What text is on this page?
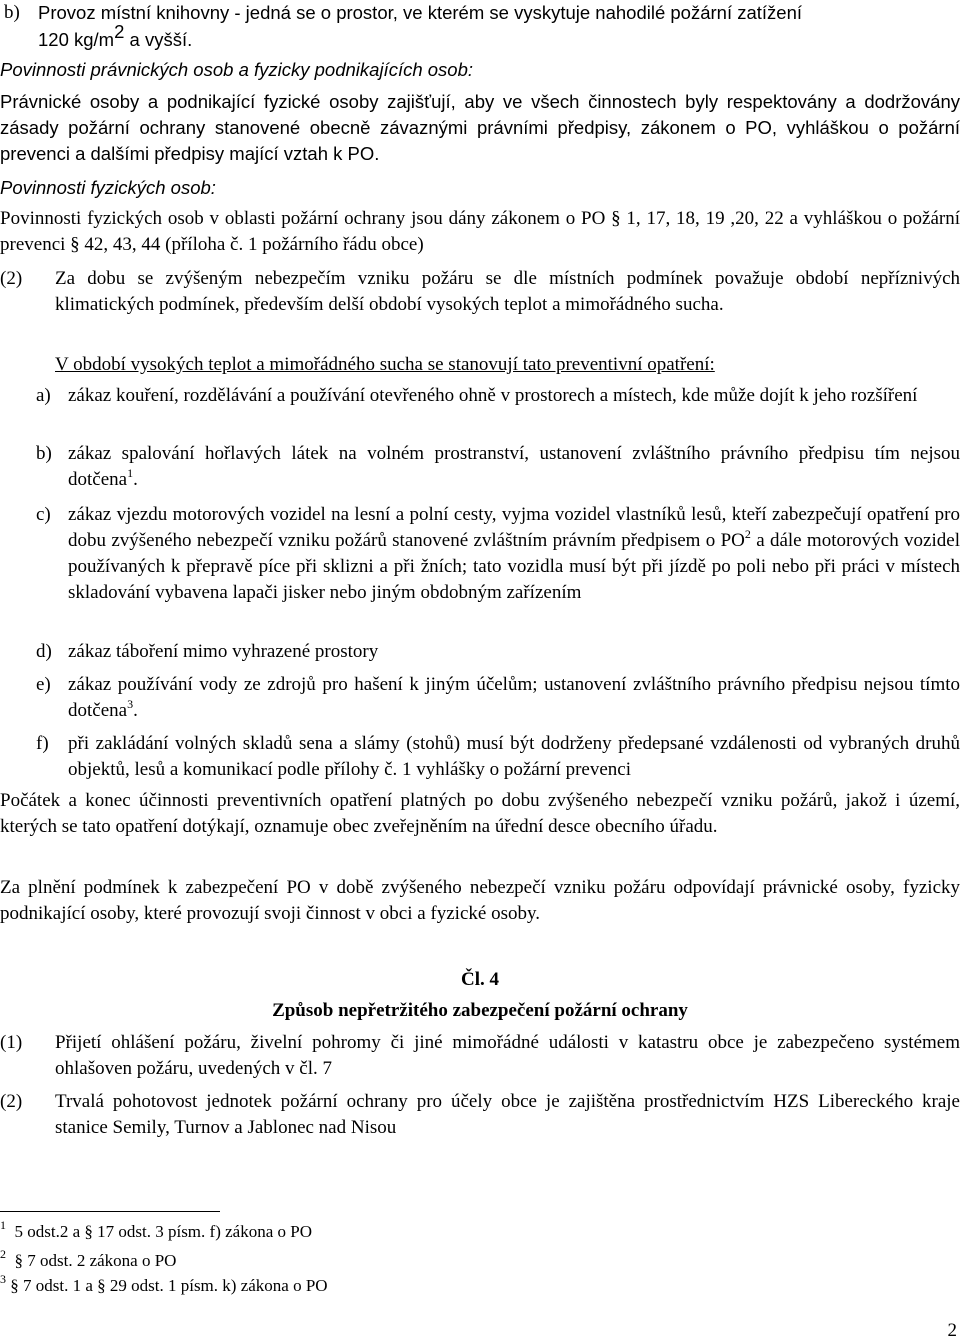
b) Provoz místní knihovny - jedná se o prostor, ve kterém se vyskytuje nahodilé požární zatížení
120 $kg/m^2$ a vyšší.
Povinnosti právnických osob a fyzicky podnikajících osob:

Právnické osoby a podnikající fyzické osoby zajišťují, aby ve všech činnostech byly respektovány a dodržovány zásady požární ochrany stanovené obecně závaznými právními předpisy, zákonem o PO, vyhláškou o požární prevenci a dalšími předpisy mající vztah k PO.

Povinnosti fyzických osob:

Povinnosti fyzických osob v oblasti požární ochrany jsou dány zákonem o PO § 1, 17, 18, 19 ,20, 22 a vyhláškou o požární prevenci § 42, 43, 44 (příloha č. 1 požárního řádu obce)

(2) Za dobu se zvýšeným nebezpečím vzniku požáru se dle místních podmínek považuje období nepříznivých klimatických podmínek, především delší období vysokých teplot a mimořádného sucha.

V období vysokých teplot a mimořádného sucha se stanovují tato preventivní opatření:
a) zákaz kouření, rozdělávání a používání otevřeného ohně v prostorech a místech, kde může dojít k jeho rozšíření

b) zákaz spalování hořlavých látek na volném prostranství, ustanovení zvláštního právního předpisu tím nejsou dotčena$^1$.

c) zákaz vjezdu motorových vozidel na lesní a polní cesty, vyjma vozidel vlastníků lesů, kteří zabezpečují opatření pro dobu zvýšeného nebezpečí vzniku požárů stanovené zvláštním právním předpisem o $PO^2$ a dále motorových vozidel používaných k přepravě píce při sklizni a při žních; tato vozidla musí být při jízdě po poli nebo při práci v místech skladování vybavena lapači jisker nebo jiným obdobným zařízením

d) zákaz táboření mimo vyhrazené prostory

e) zákaz používání vody ze zdrojů pro hašení k jiným účelům; ustanovení zvláštního právního předpisu nejsou tímto dotčena$^3$.

f) při zakládání volných skladů sena a slámy (stohů) musí být dodrženy předepsané vzdálenosti od vybraných druhů objektů, lesů a komunikací podle přílohy č. 1 vyhlášky o požární prevenci

Počátek a konec účinnosti preventivních opatření platných po dobu zvýšeného nebezpečí vzniku požárů, jakož i území, kterých se tato opatření dotýkají, oznamuje obec zveřejněním na úřední desce obecního úřadu.

Za plnění podmínek k zabezpečení PO v době zvýšeného nebezpečí vzniku požáru odpovídají právnické osoby, fyzicky podnikající osoby, které provozují svoji činnost v obci a fyzické osoby.

Čl. 4
Způsob nepřetržitého zabezpečení požární ochrany
(1) Přijetí ohlášení požáru, živelní pohromy či jiné mimořádné události v katastru obce je zabezpečeno systémem ohlašoven požáru, uvedených v čl. 7

(2) Trvalá pohotovost jednotek požární ochrany pro účely obce je zajištěna prostřednictvím HZS Libereckého kraje stanice Semily, Turnov a Jablonec nad Nisou

$^1$ 5 odst.2 a § 17 odst. 3 písm. f) zákona o PO
$^2$ § 7 odst. 2 zákona o PO
$^3$ § 7 odst. 1 a § 29 odst. 1 písm. k) zákona o PO
2
